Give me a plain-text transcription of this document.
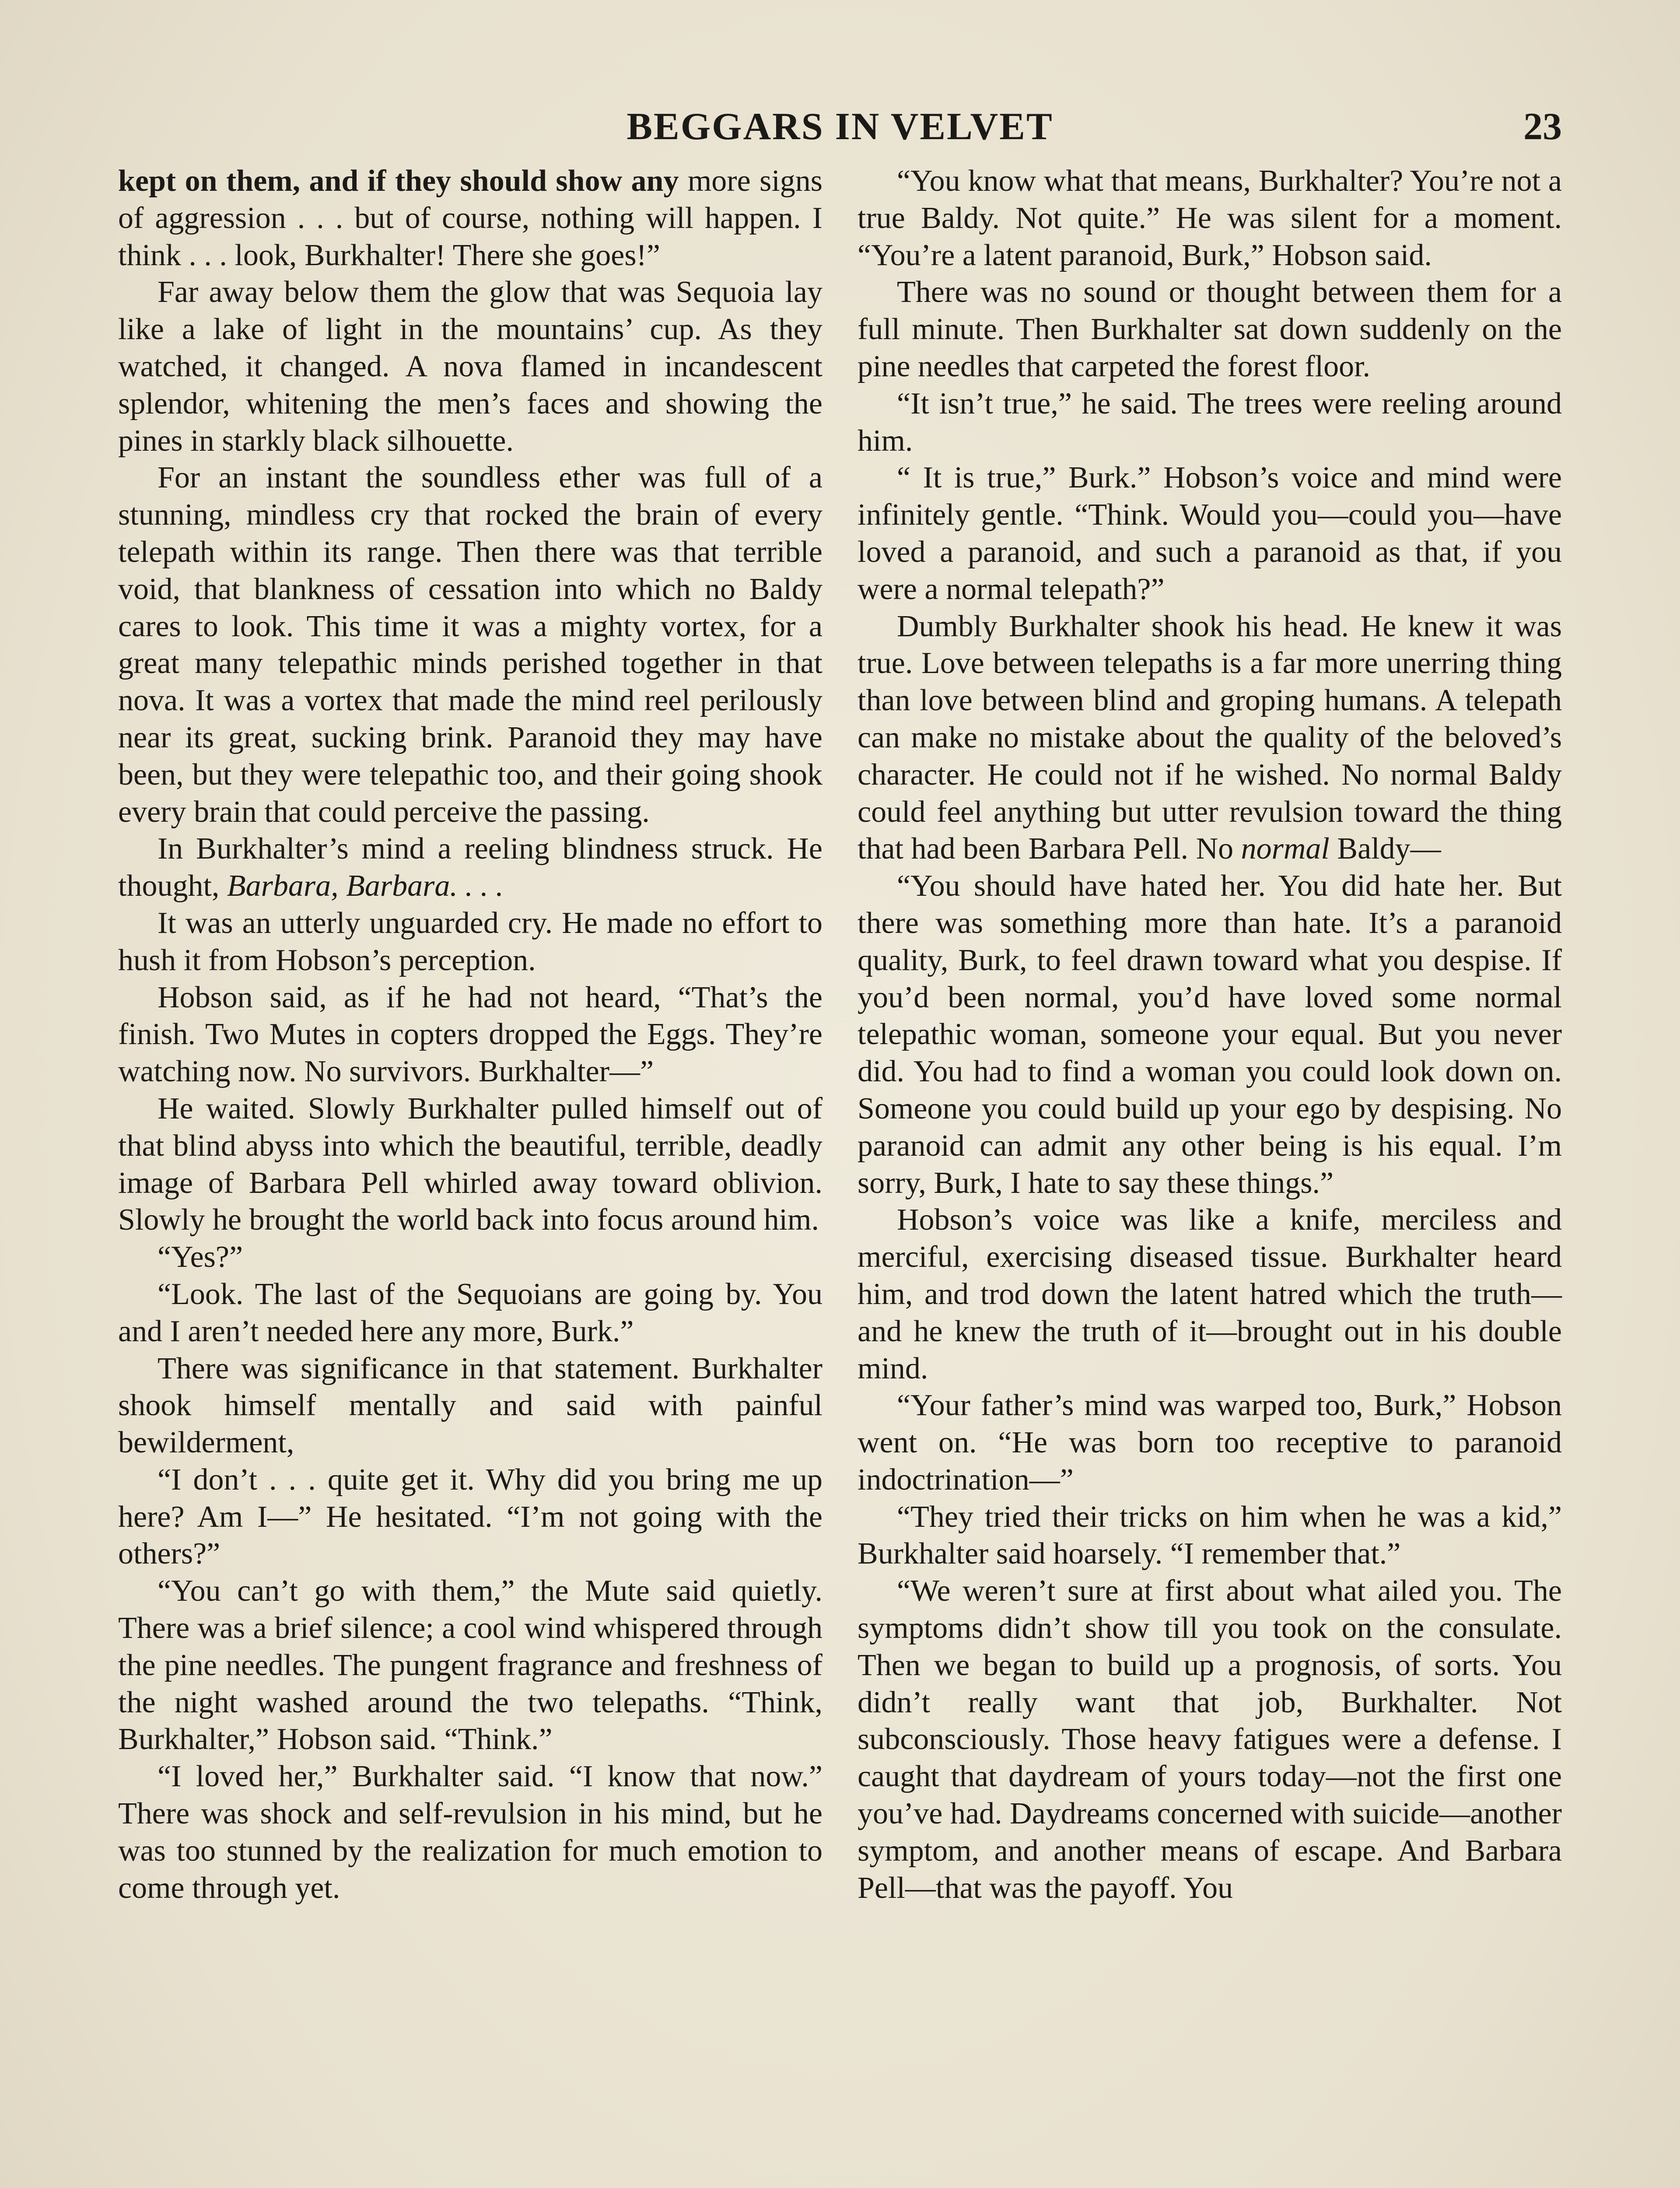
BEGGARS IN VELVET	23

kept on them, and if they should show any more signs of aggression . . . but of course, nothing will happen. I think . . . look, Burkhalter! There she goes!”

Far away below them the glow that was Sequoia lay like a lake of light in the mountains’ cup. As they watched, it changed. A nova flamed in incandescent splendor, whitening the men’s faces and showing the pines in starkly black silhouette.

For an instant the soundless ether was full of a stunning, mindless cry that rocked the brain of every telepath within its range. Then there was that terrible void, that blankness of cessation into which no Baldy cares to look. This time it was a mighty vortex, for a great many telepathic minds perished together in that nova. It was a vortex that made the mind reel perilously near its great, sucking brink. Paranoid they may have been, but they were telepathic too, and their going shook every brain that could perceive the passing.

In Burkhalter’s mind a reeling blindness struck. He thought, Barbara, Barbara. . . .

It was an utterly unguarded cry. He made no effort to hush it from Hobson’s perception.

Hobson said, as if he had not heard, “That’s the finish. Two Mutes in copters dropped the Eggs. They’re watching now. No survivors. Burkhalter—”

He waited. Slowly Burkhalter pulled himself out of that blind abyss into which the beautiful, terrible, deadly image of Barbara Pell whirled away toward oblivion. Slowly he brought the world back into focus around him.

“Yes?”

“Look. The last of the Sequoians are going by. You and I aren’t needed here any more, Burk.”

There was significance in that statement. Burkhalter shook himself mentally and said with painful bewilderment,

“I don’t . . . quite get it. Why did you bring me up here? Am I—” He hesitated. “I’m not going with the others?”

“You can’t go with them,” the Mute said quietly. There was a brief silence; a cool wind whispered through the pine needles. The pungent fragrance and freshness of the night washed around the two telepaths. “Think, Burkhalter,” Hobson said. “Think.”

“I loved her,” Burkhalter said. “I know that now.” There was shock and self-revulsion in his mind, but he was too stunned by the realization for much emotion to come through yet.

“You know what that means, Burkhalter? You’re not a true Baldy. Not quite.” He was silent for a moment. “You’re a latent paranoid, Burk,” Hobson said.

There was no sound or thought between them for a full minute. Then Burkhalter sat down suddenly on the pine needles that carpeted the forest floor.

“It isn’t true,” he said. The trees were reeling around him.

“ It is true,” Burk.” Hobson’s voice and mind were infinitely gentle. “Think. Would you—could you—have loved a paranoid, and such a paranoid as that, if you were a normal telepath?”

Dumbly Burkhalter shook his head. He knew it was true. Love between telepaths is a far more unerring thing than love between blind and groping humans. A telepath can make no mistake about the quality of the beloved’s character. He could not if he wished. No normal Baldy could feel anything but utter revulsion toward the thing that had been Barbara Pell. No normal Baldy—

“You should have hated her. You did hate her. But there was something more than hate. It’s a paranoid quality, Burk, to feel drawn toward what you despise. If you’d been normal, you’d have loved some normal telepathic woman, someone your equal. But you never did. You had to find a woman you could look down on. Someone you could build up your ego by despising. No paranoid can admit any other being is his equal. I’m sorry, Burk, I hate to say these things.”

Hobson’s voice was like a knife, merciless and merciful, exercising diseased tissue. Burkhalter heard him, and trod down the latent hatred which the truth—and he knew the truth of it—brought out in his double mind.

“Your father’s mind was warped too, Burk,” Hobson went on. “He was born too receptive to paranoid indoctrination—”

“They tried their tricks on him when he was a kid,” Burkhalter said hoarsely. “I remember that.”

“We weren’t sure at first about what ailed you. The symptoms didn’t show till you took on the consulate. Then we began to build up a prognosis, of sorts. You didn’t really want that job, Burkhalter. Not subconsciously. Those heavy fatigues were a defense. I caught that daydream of yours today—not the first one you’ve had. Daydreams concerned with suicide—another symptom, and another means of escape. And Barbara Pell—that was the payoff. You
